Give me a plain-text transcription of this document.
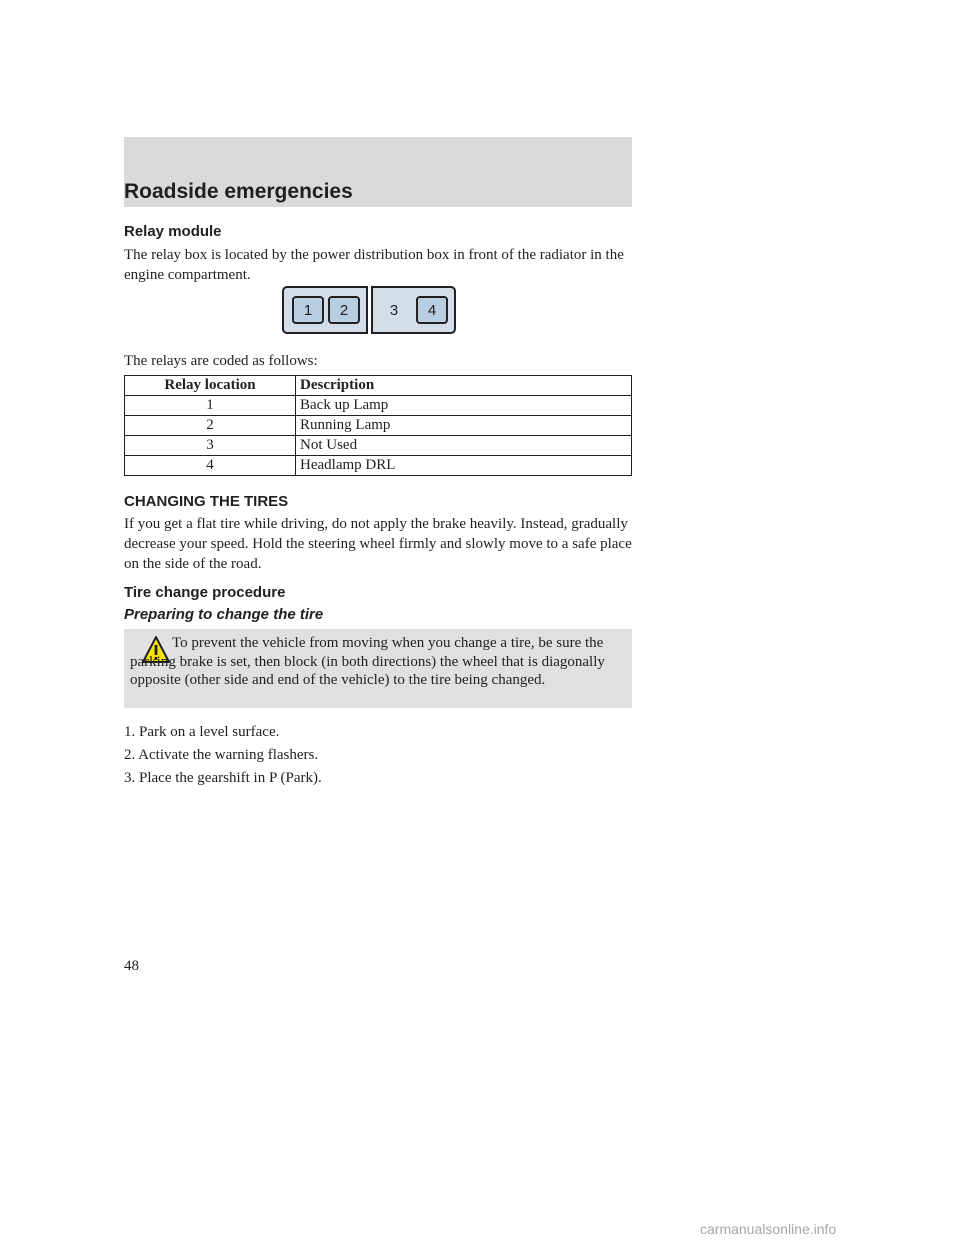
Roadside emergencies
Relay module
The relay box is located by the power distribution box in front of the radiator in the engine compartment.
1	2	3	4
The relays are coded as follows:
Relay location	Description
1	Back up Lamp
2	Running Lamp
3	Not Used
4	Headlamp DRL
CHANGING THE TIRES
If you get a flat tire while driving, do not apply the brake heavily. Instead, gradually decrease your speed. Hold the steering wheel firmly and slowly move to a safe place on the side of the road.
Tire change procedure
Preparing to change the tire
To prevent the vehicle from moving when you change a tire, be sure the parking brake is set, then block (in both directions) the wheel that is diagonally opposite (other side and end of the vehicle) to the tire being changed.
1. Park on a level surface.
2. Activate the warning flashers.
3. Place the gearshift in P (Park).
48
carmanualsonline.info
